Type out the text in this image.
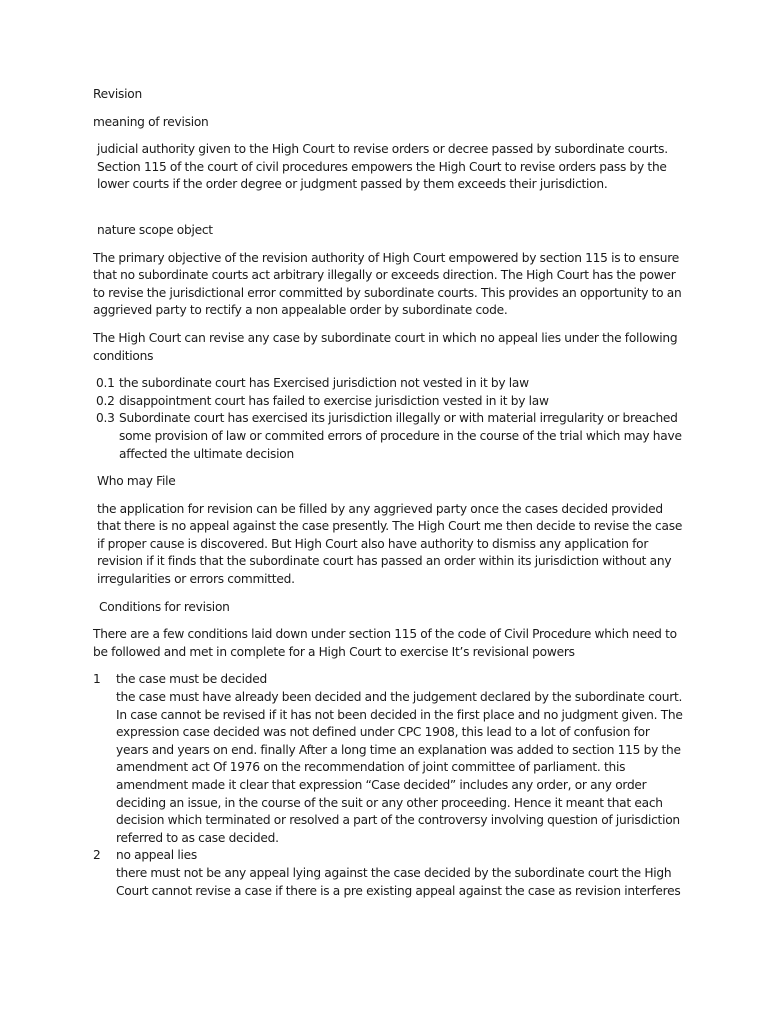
Revision
meaning of revision
judicial authority given to the High Court to revise orders or decree passed by subordinate courts. Section 115 of the court of civil procedures empowers the High Court to revise orders pass by the lower courts if the order degree or judgment passed by them exceeds their jurisdiction.
nature scope object
The primary objective of the revision authority of High Court empowered by section 115 is to ensure that no subordinate courts act arbitrary illegally or exceeds direction. The High Court has the power to revise the jurisdictional error committed by subordinate courts. This provides an opportunity to an aggrieved party to rectify a non appealable order by subordinate code.
The High Court can revise any case by subordinate court in which no appeal lies under the following conditions
0.1 the subordinate court has Exercised jurisdiction not vested in it by law
0.2 disappointment court has failed to exercise jurisdiction vested in it by law
0.3 Subordinate court has exercised its jurisdiction illegally or with material irregularity or breached some provision of law or commited errors of procedure in the course of the trial which may have affected the ultimate decision
Who may File
the application for revision can be filled by any aggrieved party once the cases decided provided that there is no appeal against the case presently. The High Court me then decide to revise the case if proper cause is discovered. But High Court also have authority to dismiss any application for revision if it finds that the subordinate court has passed an order within its jurisdiction without any irregularities or errors committed.
Conditions for revision
There are a few conditions laid down under section 115 of the code of Civil Procedure which need to be followed and met in complete for a High Court to exercise It’s revisional powers
1	the case must be decided
the case must have already been decided and the judgement declared by the subordinate court. In case cannot be revised if it has not been decided in the first place and no judgment given. The expression case decided was not defined under CPC 1908, this lead to a lot of confusion for years and years on end. finally After a long time an explanation was added to section 115 by the amendment act Of 1976 on the recommendation of joint committee of parliament. this amendment made it clear that expression “Case decided” includes any order, or any order deciding an issue, in the course of the suit or any other proceeding. Hence it meant that each decision which terminated or resolved a part of the controversy involving question of jurisdiction referred to as case decided.
2	no appeal lies
there must not be any appeal lying against the case decided by the subordinate court the High Court cannot revise a case if there is a pre existing appeal against the case as revision interferes
